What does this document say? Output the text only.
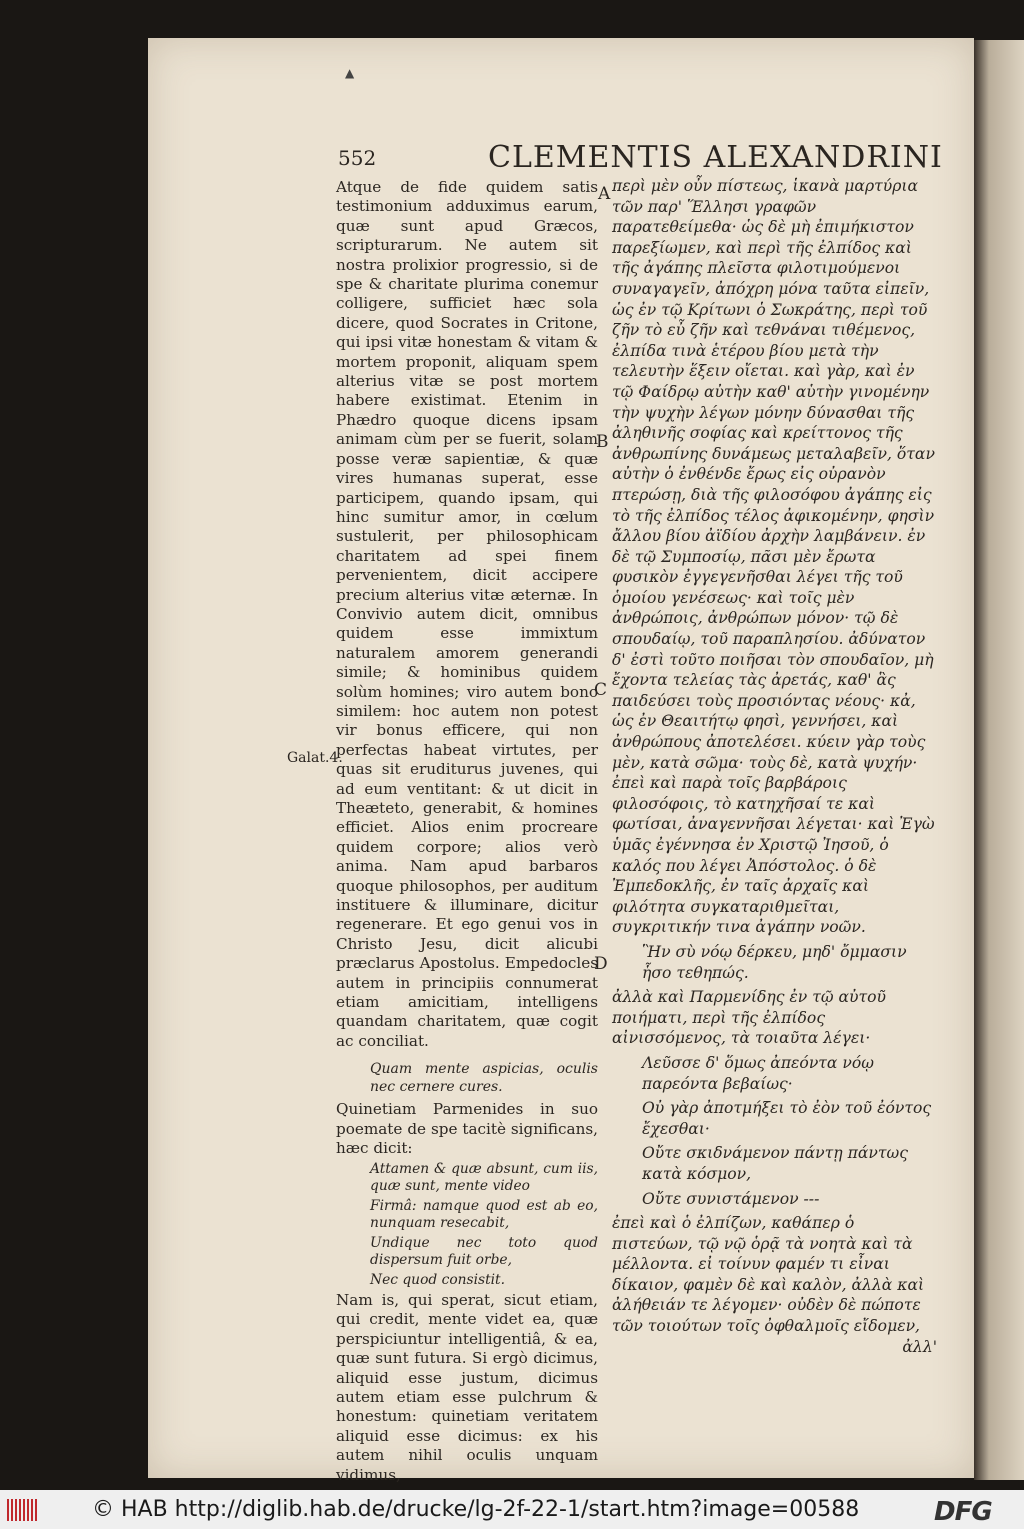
▲
552	CLEMENTIS ALEXANDRINI
Galat.4.
A
B
C
D

Atque de fide quidem satis testimonium adduximus earum, quæ sunt apud Græcos, scripturarum. Ne autem sit nostra prolixior progressio, si de spe & charitate plurima conemur colligere, sufficiet hæc sola dicere, quod Socrates in Critone, qui ipsi vitæ honestam & vitam & mortem proponit, aliquam spem alterius vitæ se post mortem habere existimat. Etenim in Phædro quoque dicens ipsam animam cùm per se fuerit, solam posse veræ sapientiæ, & quæ vires humanas superat, esse participem, quando ipsam, qui hinc sumitur amor, in cœlum sustulerit, per philosophicam charitatem ad spei finem pervenientem, dicit accipere precium alterius vitæ æternæ. In Convivio autem dicit, omnibus quidem esse immixtum naturalem amorem generandi simile; & hominibus quidem solùm homines; viro autem bono similem: hoc autem non potest vir bonus efficere, qui non perfectas habeat virtutes, per quas sit eruditurus juvenes, qui ad eum ventitant: & ut dicit in Theæteto, generabit, & homines efficiet. Alios enim procreare quidem corpore; alios verò anima. Nam apud barbaros quoque philosophos, per auditum instituere & illuminare, dicitur regenerare. Et ego genui vos in Christo Jesu, dicit alicubi præclarus Apostolus. Empedocles autem in principiis connumerat etiam amicitiam, intelligens quandam charitatem, quæ cogit ac conciliat.

Quam mente aspicias, oculis nec cernere cures.

Quinetiam Parmenides in suo poemate de spe tacitè significans, hæc dicit:

Attamen & quæ absunt, cum iis, quæ sunt, mente video

Firmâ: namque quod est ab eo, nunquam resecabit,

Undique nec toto quod dispersum fuit orbe,

Nec quod consistit.

Nam is, qui sperat, sicut etiam, qui credit, mente videt ea, quæ perspiciuntur intelligentiâ, & ea, quæ sunt futura. Si ergò dicimus, aliquid esse justum, dicimus autem etiam esse pulchrum & honestum: quinetiam veritatem aliquid esse dicimus: ex his autem nihil oculis unquam vidimus,

περὶ μὲν οὖν πίστεως, ἱκανὰ μαρτύρια τῶν παρ' Ἕλλησι γραφῶν παρατεθείμεθα· ὡς δὲ μὴ ἐπιμήκιστον παρεξίωμεν, καὶ περὶ τῆς ἐλπίδος καὶ τῆς ἀγάπης πλεῖστα φιλοτιμούμενοι συναγαγεῖν, ἀπόχρη μόνα ταῦτα εἰπεῖν, ὡς ἐν τῷ Κρίτωνι ὁ Σωκράτης, περὶ τοῦ ζῆν τὸ εὖ ζῆν καὶ τεθνάναι τιθέμενος, ἐλπίδα τινὰ ἑτέρου βίου μετὰ τὴν τελευτὴν ἕξειν οἴεται. καὶ γὰρ, καὶ ἐν τῷ Φαίδρῳ αὐτὴν καθ' αὑτὴν γινομένην τὴν ψυχὴν λέγων μόνην δύνασθαι τῆς ἀληθινῆς σοφίας καὶ κρείττονος τῆς ἀνθρωπίνης δυνάμεως μεταλαβεῖν, ὅταν αὐτὴν ὁ ἐνθένδε ἔρως εἰς οὐρανὸν πτερώσῃ, διὰ τῆς φιλοσόφου ἀγάπης εἰς τὸ τῆς ἐλπίδος τέλος ἀφικομένην, φησὶν ἄλλου βίου ἀϊδίου ἀρχὴν λαμβάνειν. ἐν δὲ τῷ Συμποσίῳ, πᾶσι μὲν ἔρωτα φυσικὸν ἐγγεγενῆσθαι λέγει τῆς τοῦ ὁμοίου γενέσεως· καὶ τοῖς μὲν ἀνθρώποις, ἀνθρώπων μόνον· τῷ δὲ σπουδαίῳ, τοῦ παραπλησίου. ἀδύνατον δ' ἐστὶ τοῦτο ποιῆσαι τὸν σπουδαῖον, μὴ ἔχοντα τελείας τὰς ἀρετάς, καθ' ἃς παιδεύσει τοὺς προσιόντας νέους· κἀ, ὡς ἐν Θεαιτήτῳ φησὶ, γεννήσει, καὶ ἀνθρώπους ἀποτελέσει. κύειν γὰρ τοὺς μὲν, κατὰ σῶμα· τοὺς δὲ, κατὰ ψυχήν· ἐπεὶ καὶ παρὰ τοῖς βαρβάροις φιλοσόφοις, τὸ κατηχῆσαί τε καὶ φωτίσαι, ἀναγεννῆσαι λέγεται· καὶ Ἐγὼ ὑμᾶς ἐγέννησα ἐν Χριστῷ Ἰησοῦ, ὁ καλός που λέγει Ἀπόστολος. ὁ δὲ Ἐμπεδοκλῆς, ἐν ταῖς ἀρχαῖς καὶ φιλότητα συγκαταριθμεῖται, συγκριτικήν τινα ἀγάπην νοῶν.

Ἣν σὺ νόῳ δέρκευ, μηδ' ὄμμασιν ἧσο τεθηπώς.

ἀλλὰ καὶ Παρμενίδης ἐν τῷ αὐτοῦ ποιήματι, περὶ τῆς ἐλπίδος αἰνισσόμενος, τὰ τοιαῦτα λέγει·

Λεῦσσε δ' ὅμως ἀπεόντα νόῳ παρεόντα βεβαίως·

Οὐ γὰρ ἀποτμήξει τὸ ἐὸν τοῦ ἐόντος ἔχεσθαι·

Οὔτε σκιδνάμενον πάντῃ πάντως κατὰ κόσμον,

Οὔτε συνιστάμενον ---

ἐπεὶ καὶ ὁ ἐλπίζων, καθάπερ ὁ πιστεύων, τῷ νῷ ὁρᾷ τὰ νοητὰ καὶ τὰ μέλλοντα. εἰ τοίνυν φαμέν τι εἶναι δίκαιον, φαμὲν δὲ καὶ καλὸν, ἀλλὰ καὶ ἀλήθειάν τε λέγομεν· οὐδὲν δὲ πώποτε τῶν τοιούτων τοῖς ὀφθαλμοῖς εἴδομεν,

ἀλλ'

© HAB http://diglib.hab.de/drucke/lg-2f-22-1/start.htm?image=00588	DFG
